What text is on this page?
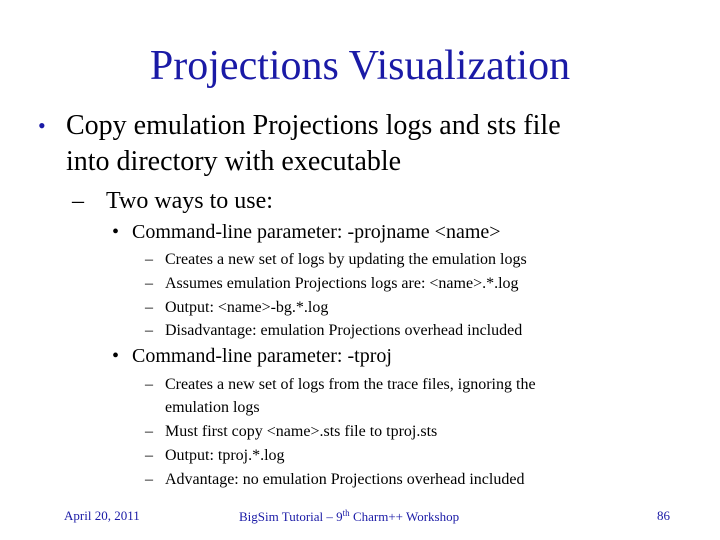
Projections Visualization
• Copy emulation Projections logs and sts file
into directory with executable
– Two ways to use:
• Command-line parameter: -projname <name>
– Creates a new set of logs by updating the emulation logs
– Assumes emulation Projections logs are: <name>.*.log
– Output: <name>-bg.*.log
– Disadvantage: emulation Projections overhead included
• Command-line parameter: -tproj
– Creates a new set of logs from the trace files, ignoring the
emulation logs
– Must first copy <name>.sts file to tproj.sts
– Output: tproj.*.log
– Advantage: no emulation Projections overhead included
April 20, 2011	BigSim Tutorial – 9th Charm++ Workshop	86
